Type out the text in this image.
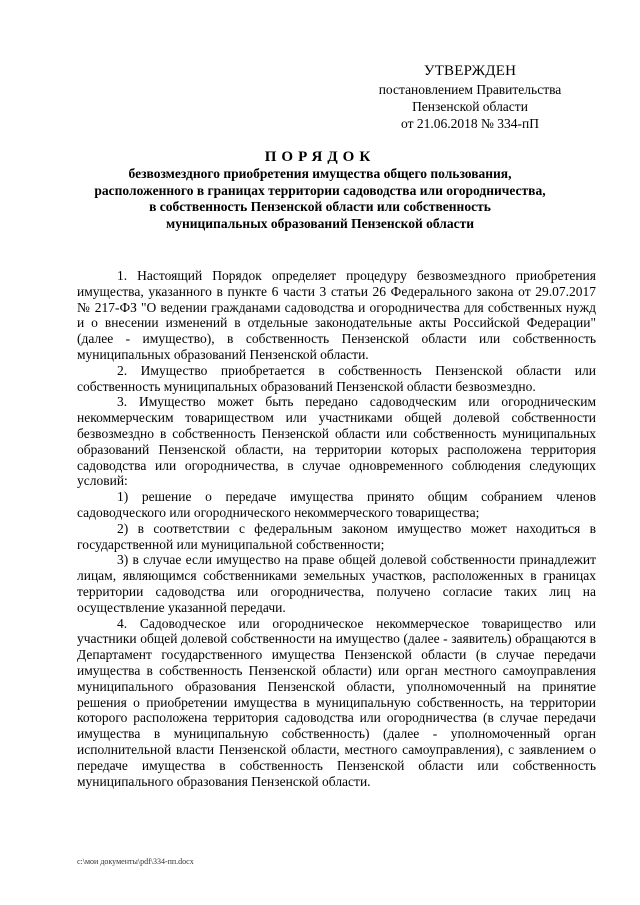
УТВЕРЖДЕН
постановлением Правительства
Пензенской области
от 21.06.2018 № 334-пП
ПОРЯДОК
безвозмездного приобретения имущества общего пользования,
расположенного в границах территории садоводства или огородничества,
в собственность Пензенской области или собственность
муниципальных образований Пензенской области

1. Настоящий Порядок определяет процедуру безвозмездного приобретения имущества, указанного в пункте 6 части 3 статьи 26 Федерального закона от 29.07.2017 № 217-ФЗ "О ведении гражданами садоводства и огородничества для собственных нужд и о внесении изменений в отдельные законодательные акты Российской Федерации" (далее - имущество), в собственность Пензенской области или собственность муниципальных образований Пензенской области.

2. Имущество приобретается в собственность Пензенской области или собственность муниципальных образований Пензенской области безвозмездно.

3. Имущество может быть передано садоводческим или огородническим некоммерческим товариществом или участниками общей долевой собственности безвозмездно в собственность Пензенской области или собственность муниципальных образований Пензенской области, на территории которых расположена территория садоводства или огородничества, в случае одновременного соблюдения следующих условий:

1) решение о передаче имущества принято общим собранием членов садоводческого или огороднического некоммерческого товарищества;

2) в соответствии с федеральным законом имущество может находиться в государственной или муниципальной собственности;

3) в случае если имущество на праве общей долевой собственности принадлежит лицам, являющимся собственниками земельных участков, расположенных в границах территории садоводства или огородничества, получено согласие таких лиц на осуществление указанной передачи.

4. Садоводческое или огородническое некоммерческое товарищество или участники общей долевой собственности на имущество (далее - заявитель) обращаются в Департамент государственного имущества Пензенской области (в случае передачи имущества в собственность Пензенской области) или орган местного самоуправления муниципального образования Пензенской области, уполномоченный на принятие решения о приобретении имущества в муниципальную собственность, на территории которого расположена территория садоводства или огородничества (в случае передачи имущества в муниципальную собственность) (далее - уполномоченный орган исполнительной власти Пензенской области, местного самоуправления), с заявлением о передаче имущества в собственность Пензенской области или собственность муниципального образования Пензенской области.

c:\мои документы\pdf\334-пп.docx
